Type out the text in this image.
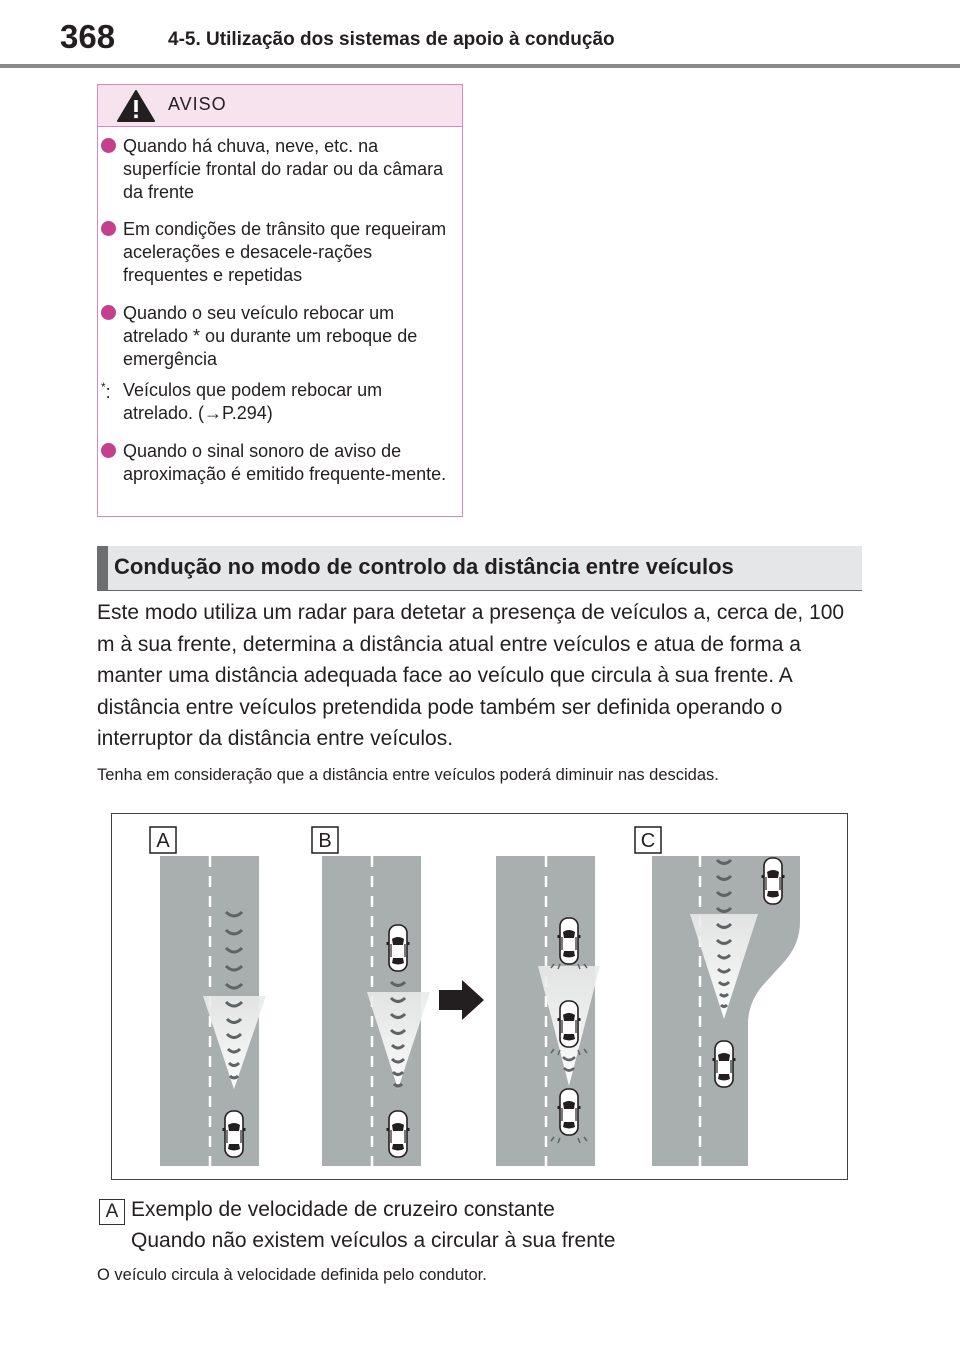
368	4-5. Utilização dos sistemas de apoio à condução
AVISO
Quando há chuva, neve, etc. na superfície frontal do radar ou da câmara da frente
Em condições de trânsito que requeiram acelerações e desacele-rações frequentes e repetidas
Quando o seu veículo rebocar um atrelado * ou durante um reboque de emergência
*: Veículos que podem rebocar um atrelado. (→P.294)
Quando o sinal sonoro de aviso de aproximação é emitido frequente-mente.
Condução no modo de controlo da distância entre veículos
Este modo utiliza um radar para detetar a presença de veículos a, cerca de, 100 m à sua frente, determina a distância atual entre veículos e atua de forma a manter uma distância adequada face ao veículo que circula à sua frente. A distância entre veículos pretendida pode também ser definida operando o interruptor da distância entre veículos.
Tenha em consideração que a distância entre veículos poderá diminuir nas descidas.
A	B	C
A Exemplo de velocidade de cruzeiro constante
Quando não existem veículos a circular à sua frente
O veículo circula à velocidade definida pelo condutor.
